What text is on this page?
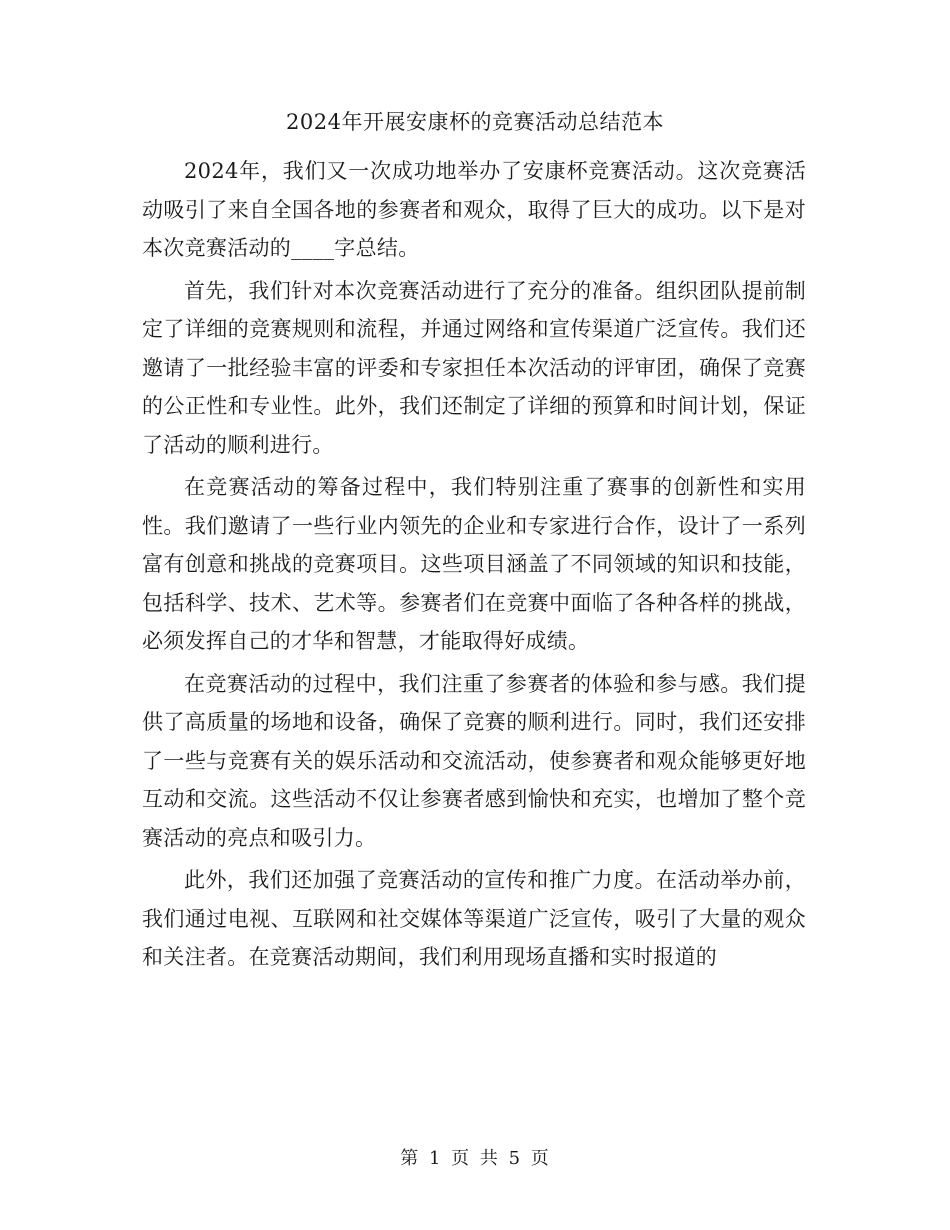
2024年开展安康杯的竞赛活动总结范本

2024年，我们又一次成功地举办了安康杯竞赛活动。这次竞赛活动吸引了来自全国各地的参赛者和观众，取得了巨大的成功。以下是对本次竞赛活动的____字总结。

首先，我们针对本次竞赛活动进行了充分的准备。组织团队提前制定了详细的竞赛规则和流程，并通过网络和宣传渠道广泛宣传。我们还邀请了一批经验丰富的评委和专家担任本次活动的评审团，确保了竞赛的公正性和专业性。此外，我们还制定了详细的预算和时间计划，保证了活动的顺利进行。

在竞赛活动的筹备过程中，我们特别注重了赛事的创新性和实用性。我们邀请了一些行业内领先的企业和专家进行合作，设计了一系列富有创意和挑战的竞赛项目。这些项目涵盖了不同领域的知识和技能，包括科学、技术、艺术等。参赛者们在竞赛中面临了各种各样的挑战，必须发挥自己的才华和智慧，才能取得好成绩。

在竞赛活动的过程中，我们注重了参赛者的体验和参与感。我们提供了高质量的场地和设备，确保了竞赛的顺利进行。同时，我们还安排了一些与竞赛有关的娱乐活动和交流活动，使参赛者和观众能够更好地互动和交流。这些活动不仅让参赛者感到愉快和充实，也增加了整个竞赛活动的亮点和吸引力。

此外，我们还加强了竞赛活动的宣传和推广力度。在活动举办前，我们通过电视、互联网和社交媒体等渠道广泛宣传，吸引了大量的观众和关注者。在竞赛活动期间，我们利用现场直播和实时报道的

第 1 页 共 5 页
